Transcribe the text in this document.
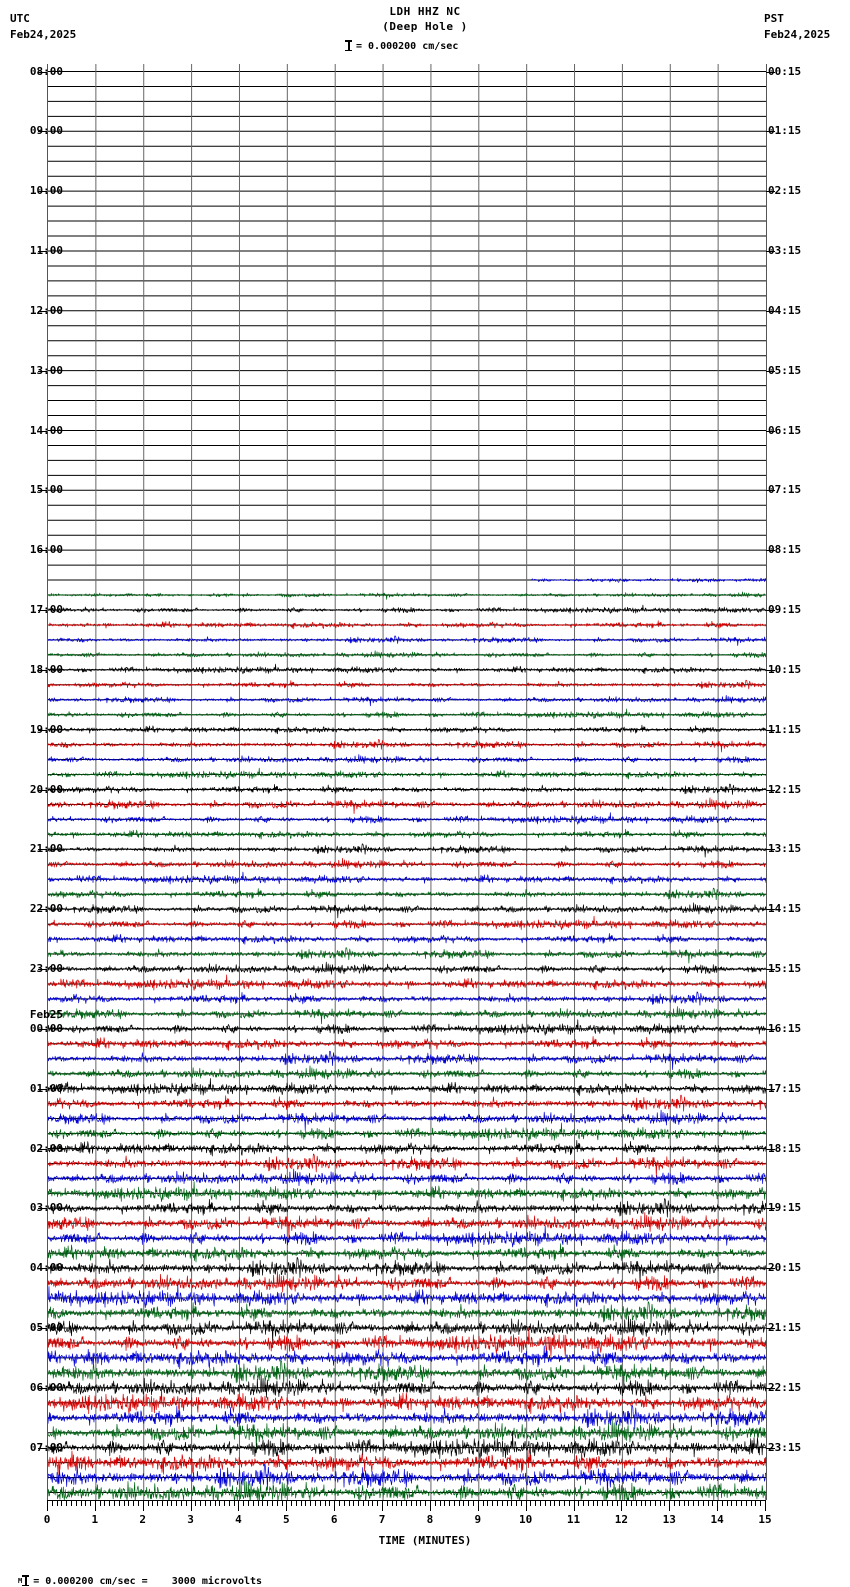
LDH HHZ NC
(Deep Hole )
= 0.000200 cm/sec
UTC
Feb24,2025
PST
Feb24,2025
08:00	00:15
09:00	01:15
10:00	02:15
11:00	03:15
12:00	04:15
13:00	05:15
14:00	06:15
15:00	07:15
16:00	08:15
17:00	09:15
18:00	10:15
19:00	11:15
20:00	12:15
21:00	13:15
22:00	14:15
23:00	15:15
00:00	16:15
Feb25
01:00	17:15
02:00	18:15
03:00	19:15
04:00	20:15
05:00	21:15
06:00	22:15
07:00	23:15
0	1	2	3	4	5	6	7	8	9	10	11	12	13	14	15
TIME (MINUTES)

M = 0.000200 cm/sec =    3000 microvolts
